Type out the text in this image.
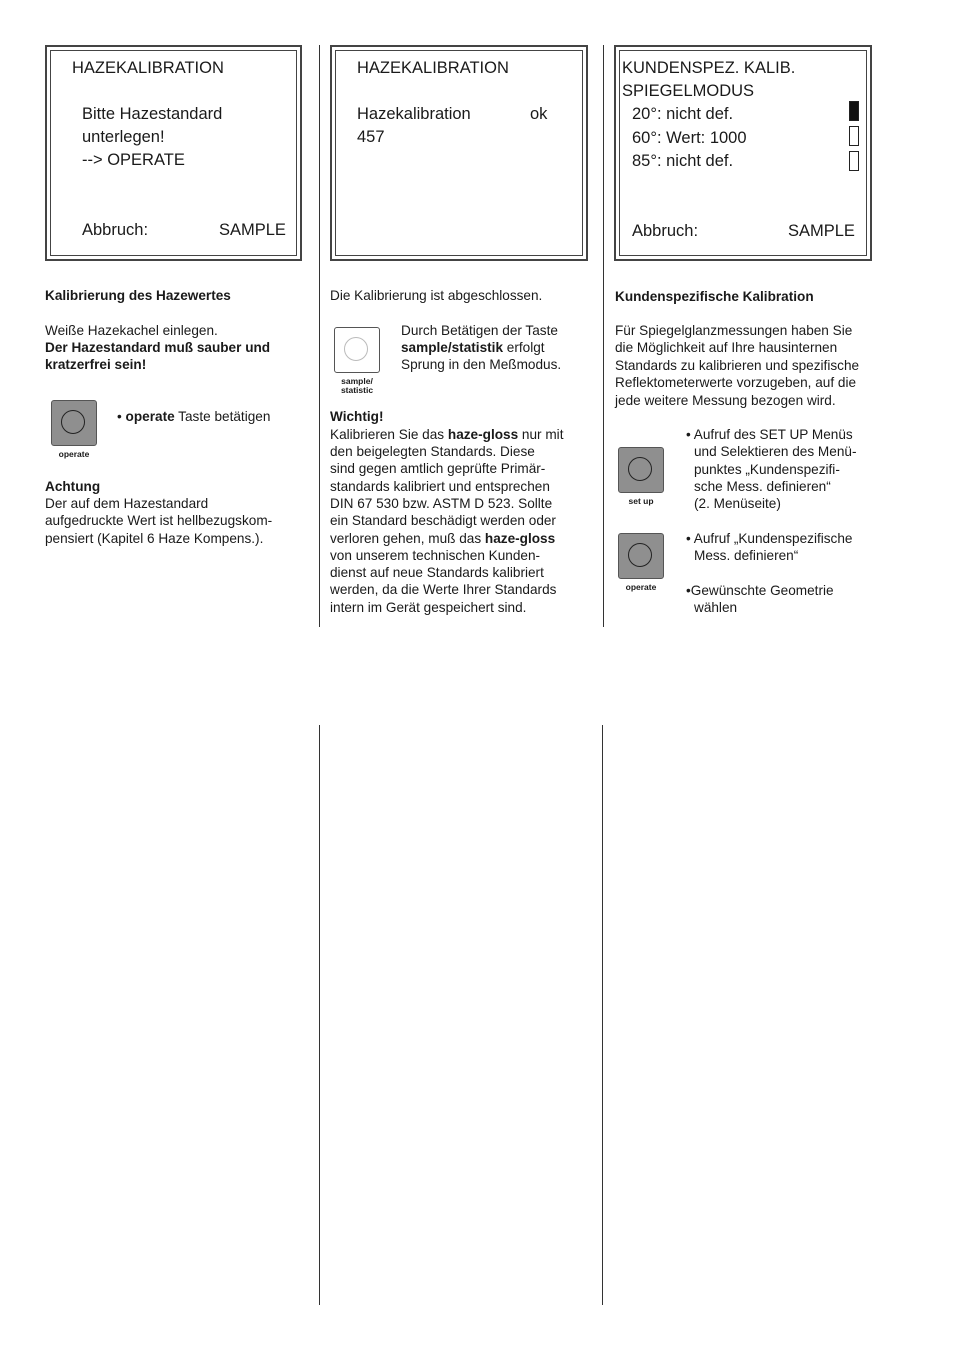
HAZEKALIBRATION
Bitte Hazestandard
unterlegen!
--> OPERATE
Abbruch:	SAMPLE
HAZEKALIBRATION
Hazekalibration	ok
457
KUNDENSPEZ. KALIB.
SPIEGELMODUS
20°: nicht def.
60°: Wert: 1000
85°: nicht def.
Abbruch:	SAMPLE
Kalibrierung des Hazewertes
Weiße Hazekachel einlegen.
Der Hazestandard muß sauber und
kratzerfrei sein!
operate
• operate Taste betätigen
Achtung
Der auf dem Hazestandard
aufgedruckte Wert ist hellbezugskom-
pensiert (Kapitel 6 Haze Kompens.).
Die Kalibrierung ist abgeschlossen.
sample/
statistic
Durch Betätigen der Taste
sample/statistik erfolgt
Sprung in den Meßmodus.
Wichtig!
Kalibrieren Sie das haze-gloss nur mit
den beigelegten Standards. Diese
sind gegen amtlich geprüfte Primär-
standards kalibriert und entsprechen
DIN 67 530 bzw. ASTM D 523. Sollte
ein Standard beschädigt werden oder
verloren gehen, muß das haze-gloss
von unserem technischen Kunden-
dienst auf neue Standards kalibriert
werden, da die Werte Ihrer Standards
intern im Gerät gespeichert sind.
Kundenspezifische Kalibration
Für Spiegelglanzmessungen haben Sie
die Möglichkeit auf Ihre hausinternen
Standards zu kalibrieren und spezifische
Reflektometerwerte vorzugeben, auf die
jede weitere Messung bezogen wird.
set up
• Aufruf des SET UP Menüs
und Selektieren des Menü-
punktes „Kundenspezifi-
sche Mess. definieren“
(2. Menüseite)
operate
• Aufruf „Kundenspezifische
Mess. definieren“
•Gewünschte Geometrie
wählen
